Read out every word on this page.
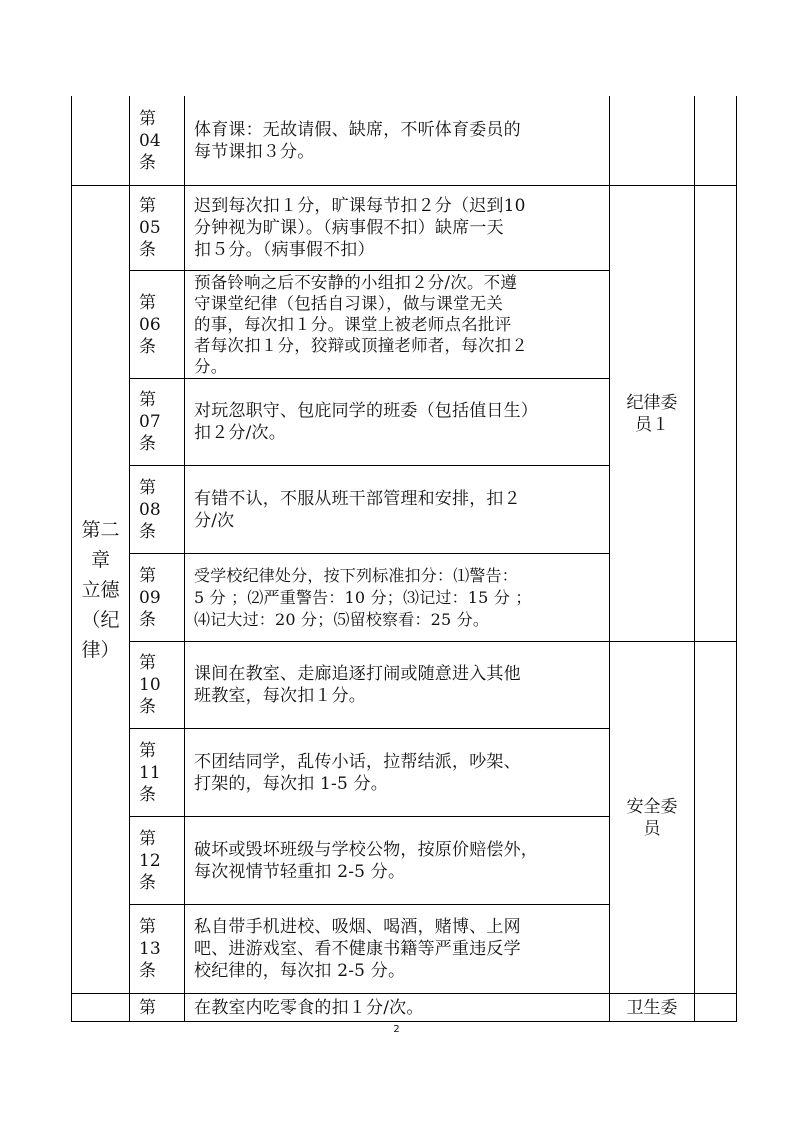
第二
章
立德
（纪
律）
第
04
条
体育课：无故请假、缺席，不听体育委员的
每节课扣３分。
第
05
条
迟到每次扣１分，旷课每节扣２分（迟到10
分钟视为旷课）。（病事假不扣）缺席一天
扣５分。（病事假不扣）
第
06
条
预备铃响之后不安静的小组扣２分/次。不遵
守课堂纪律（包括自习课），做与课堂无关
的事，每次扣１分。课堂上被老师点名批评
者每次扣１分，狡辩或顶撞老师者，每次扣２
分。
第
07
条
对玩忽职守、包庇同学的班委（包括值日生）
扣２分/次。
第
08
条
有错不认，不服从班干部管理和安排，扣２
分/次
第
09
条
受学校纪律处分，按下列标准扣分：⑴警告：
5 分 ；⑵严重警告：10 分；⑶记过：15 分 ；
⑷记大过：20 分；⑸留校察看：25 分。
第
10
条
课间在教室、走廊追逐打闹或随意进入其他
班教室，每次扣１分。
第
11
条
不团结同学，乱传小话，拉帮结派，吵架、
打架的，每次扣 1-5 分。
第
12
条
破坏或毁坏班级与学校公物，按原价赔偿外，
每次视情节轻重扣 2-5 分。
第
13
条
私自带手机进校、吸烟、喝酒，赌博、上网
吧、进游戏室、看不健康书籍等严重违反学
校纪律的，每次扣 2-5 分。
第 在教室内吃零食的扣１分/次。
纪律委
员１
安全委
员
卫生委
2
